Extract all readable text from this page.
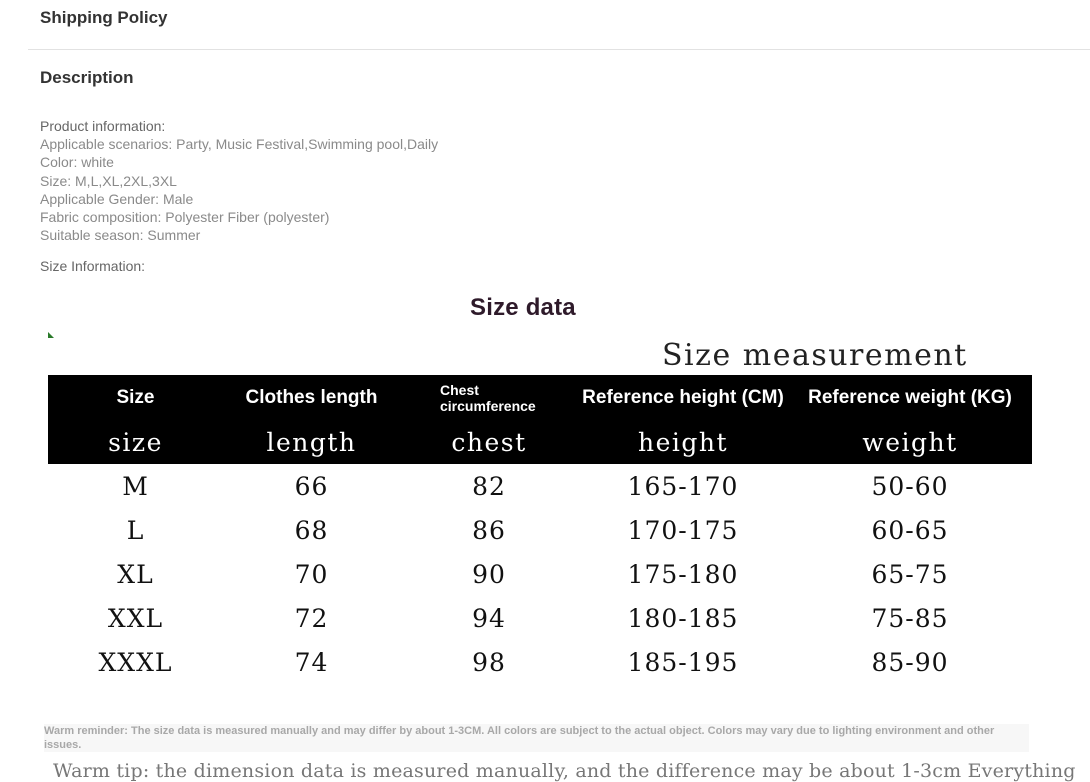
Shipping Policy
Description
Product information:
Applicable scenarios: Party, Music Festival,Swimming pool,Daily
Color: white
Size: M,L,XL,2XL,3XL
Applicable Gender: Male
Fabric composition: Polyester Fiber (polyester)
Suitable season: Summer
Size Information:
Size data
Size measurement
Size	Clothes length	Chest circumference	Reference height (CM)	Reference weight (KG)
size	length	chest	height	weight
M	66	82	165-170	50-60
L	68	86	170-175	60-65
XL	70	90	175-180	65-75
XXL	72	94	180-185	75-85
XXXL	74	98	185-195	85-90
Warm reminder: The size data is measured manually and may differ by about 1-3CM. All colors are subject to the actual object. Colors may vary due to lighting environment and other issues.
Warm tip: the dimension data is measured manually, and the difference may be about 1-3cm Everything
